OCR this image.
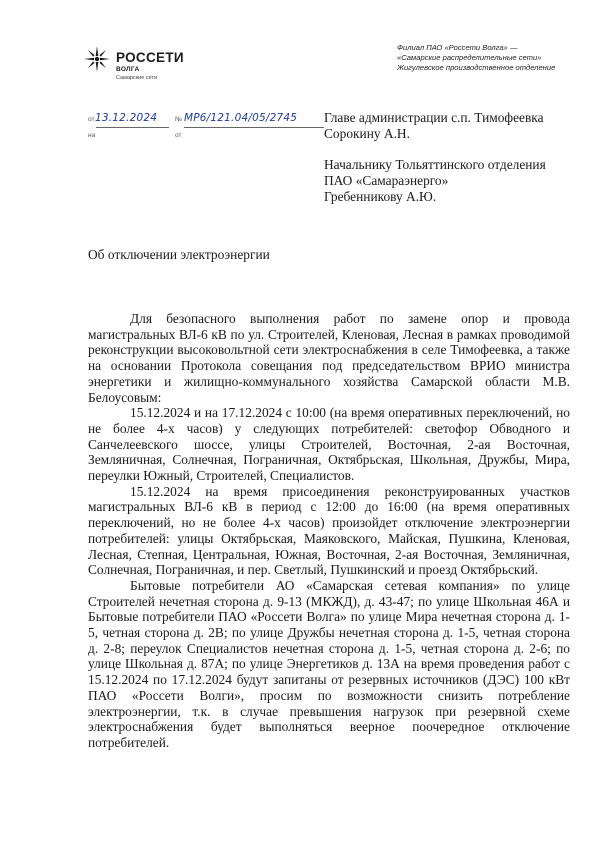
РОССЕТИ
ВОЛГА
Самарские сети
Филиал ПАО «Россети Волга» —
«Самарские распределительные сети»
Жигулевское производственное отделение
от 13.12.2024
на
№ МР6/121.04/05/2745
от
Главе администрации с.п. Тимофеевка
Сорокину А.Н.
Начальнику Тольяттинского отделения
ПАО «Самараэнерго»
Гребенникову А.Ю.
Об отключении электроэнергии

Для безопасного выполнения работ по замене опор и провода магистральных ВЛ-6 кВ по ул. Строителей, Кленовая, Лесная в рамках проводимой реконструкции высоковольтной сети электроснабжения в селе Тимофеевка, а также на основании Протокола совещания под председательством ВРИО министра энергетики и жилищно-коммунального хозяйства Самарской области М.В. Белоусовым:

15.12.2024 и на 17.12.2024 с 10:00 (на время оперативных переключений, но не более 4-х часов) у следующих потребителей: светофор Обводного и Санчелеевского шоссе, улицы Строителей, Восточная, 2-ая Восточная, Земляничная, Солнечная, Пограничная, Октябрьская, Школьная, Дружбы, Мира, переулки Южный, Строителей, Специалистов.

15.12.2024 на время присоединения реконструированных участков магистральных ВЛ-6 кВ в период с 12:00 до 16:00 (на время оперативных переключений, но не более 4-х часов) произойдет отключение электроэнергии потребителей: улицы Октябрьская, Маяковского, Майская, Пушкина, Кленовая, Лесная, Степная, Центральная, Южная, Восточная, 2-ая Восточная, Земляничная, Солнечная, Пограничная, и пер. Светлый, Пушкинский и проезд Октябрьский.

Бытовые потребители АО «Самарская сетевая компания» по улице Строителей нечетная сторона д. 9-13 (МКЖД), д. 43-47; по улице Школьная 46А и Бытовые потребители ПАО «Россети Волга» по улице Мира нечетная сторона д. 1-5, четная сторона д. 2В; по улице Дружбы нечетная сторона д. 1-5, четная сторона д. 2-8; переулок Специалистов нечетная сторона д. 1-5, четная сторона д. 2-6; по улице Школьная д. 87А; по улице Энергетиков д. 13А на время проведения работ с 15.12.2024 по 17.12.2024 будут запитаны от резервных источников (ДЭС) 100 кВт ПАО «Россети Волги», просим по возможности снизить потребление электроэнергии, т.к. в случае превышения нагрузок при резервной схеме электроснабжения будет выполняться веерное поочередное отключение потребителей.
